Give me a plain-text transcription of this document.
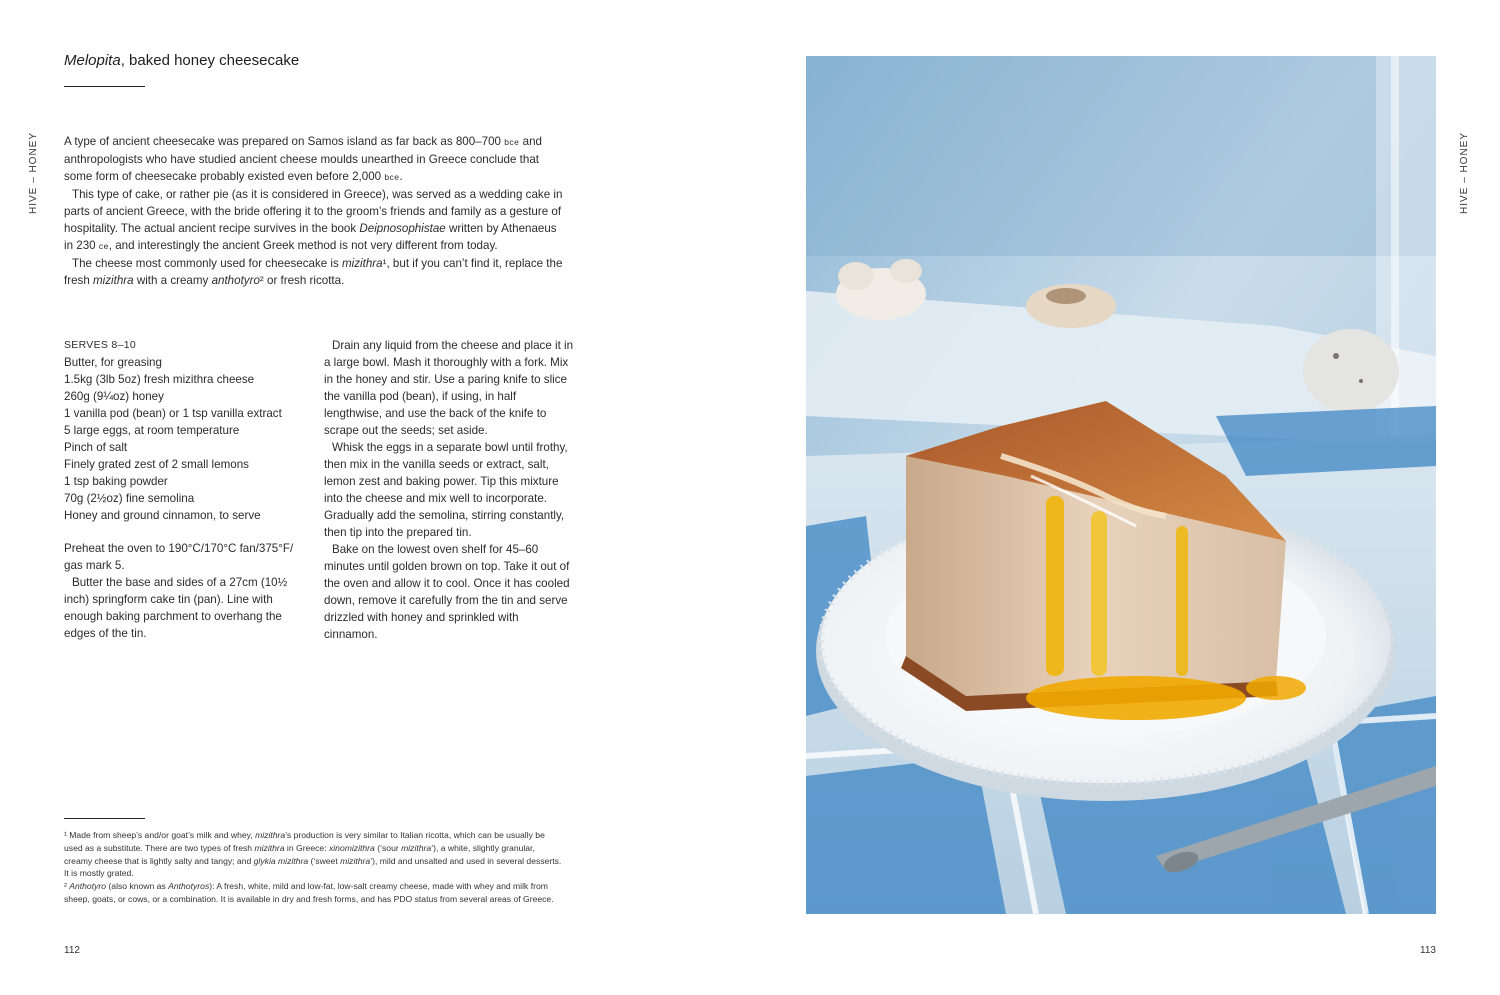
Melopita, baked honey cheesecake
HIVE – HONEY A type of ancient cheesecake was prepared on Samos island as far back as 800–700 bce and anthropologists who have studied ancient cheese moulds unearthed in Greece conclude that some form of cheesecake probably existed even before 2,000 bce.

This type of cake, or rather pie (as it is considered in Greece), was served as a wedding cake in parts of ancient Greece, with the bride offering it to the groom’s friends and family as a gesture of hospitality. The actual ancient recipe survives in the book Deipnosophistae written by Athenaeus in 230 ce, and interestingly the ancient Greek method is not very different from today.

The cheese most commonly used for cheesecake is mizithra¹, but if you can’t find it, replace the fresh mizithra with a creamy anthotyro² or fresh ricotta.

SERVES 8–10
Butter, for greasing
1.5kg (3lb 5oz) fresh mizithra cheese
260g (9¼oz) honey
1 vanilla pod (bean) or 1 tsp vanilla extract
5 large eggs, at room temperature
Pinch of salt
Finely grated zest of 2 small lemons
1 tsp baking powder
70g (2½oz) fine semolina
Honey and ground cinnamon, to serve

Preheat the oven to 190°C/170°C fan/375°F/ gas mark 5.

Butter the base and sides of a 27cm (10½ inch) springform cake tin (pan). Line with enough baking parchment to overhang the edges of the tin.

Drain any liquid from the cheese and place it in a large bowl. Mash it thoroughly with a fork. Mix in the honey and stir. Use a paring knife to slice the vanilla pod (bean), if using, in half lengthwise, and use the back of the knife to scrape out the seeds; set aside.

Whisk the eggs in a separate bowl until frothy, then mix in the vanilla seeds or extract, salt, lemon zest and baking power. Tip this mixture into the cheese and mix well to incorporate. Gradually add the semolina, stirring constantly, then tip into the prepared tin.

Bake on the lowest oven shelf for 45–60 minutes until golden brown on top. Take it out of the oven and allow it to cool. Once it has cooled down, remove it carefully from the tin and serve drizzled with honey and sprinkled with cinnamon.

¹ Made from sheep’s and/or goat’s milk and whey, mizithra’s production is very similar to Italian ricotta, which can be usually be used as a substitute. There are two types of fresh mizithra in Greece: xinomizithra (‘sour mizithra’), a white, slightly granular, creamy cheese that is lightly salty and tangy; and glykia mizithra (‘sweet mizithra’), mild and unsalted and used in several desserts. It is mostly grated.

² Anthotyro (also known as Anthotyros): A fresh, white, mild and low-fat, low-salt creamy cheese, made with whey and milk from sheep, goats, or cows, or a combination. It is available in dry and fresh forms, and has PDO status from several areas of Greece.

112
HIVE – HONEY
113
